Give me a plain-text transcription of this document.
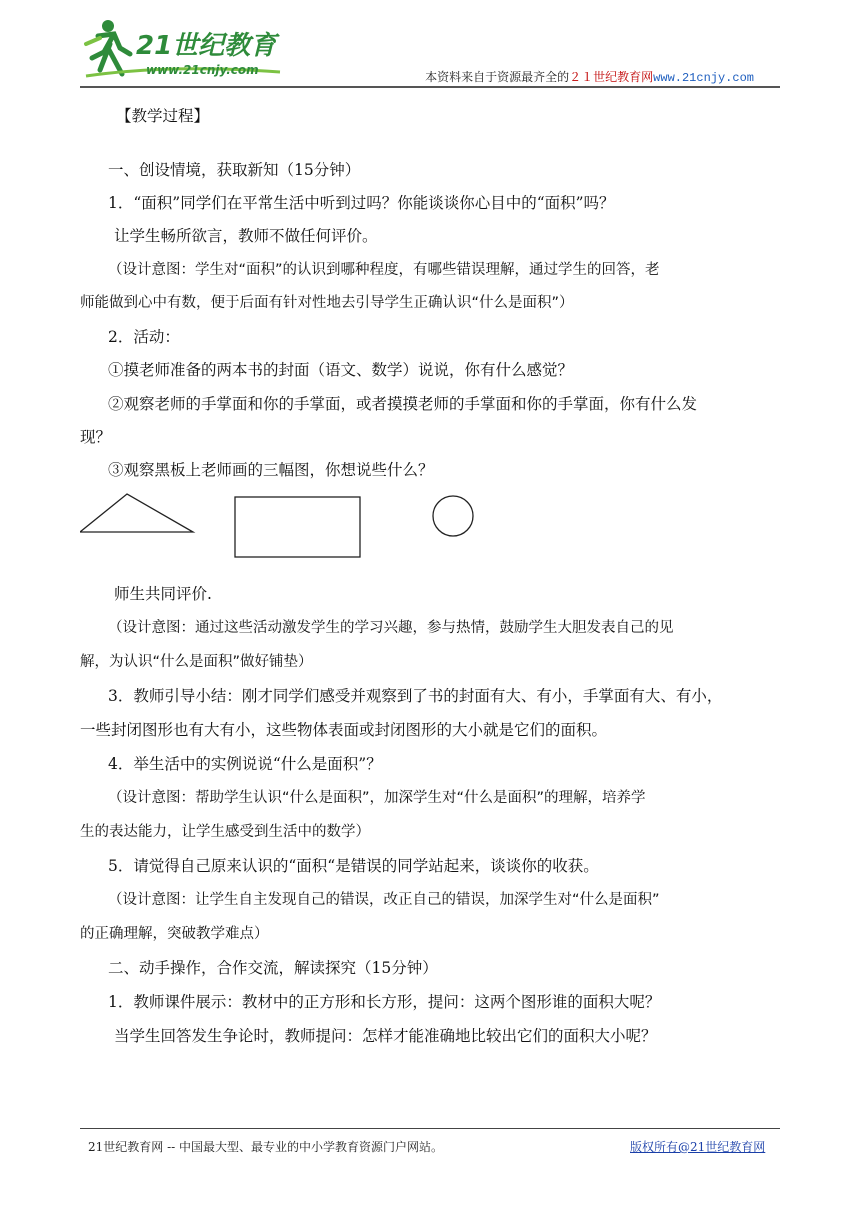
21世纪教育
www.21cnjy.com	本资料来自于资源最齐全的２１世纪教育网www.21cnjy.com
【教学过程】
一、创设情境，获取新知（15分钟）
1．“面积”同学们在平常生活中听到过吗？你能谈谈你心目中的“面积”吗？
让学生畅所欲言，教师不做任何评价。
（设计意图：学生对“面积”的认识到哪种程度，有哪些错误理解，通过学生的回答，老
师能做到心中有数，便于后面有针对性地去引导学生正确认识“什么是面积”）
2．活动：
①摸老师准备的两本书的封面（语文、数学）说说，你有什么感觉？
②观察老师的手掌面和你的手掌面，或者摸摸老师的手掌面和你的手掌面，你有什么发
现？
③观察黑板上老师画的三幅图，你想说些什么？
师生共同评价.
（设计意图：通过这些活动激发学生的学习兴趣，参与热情，鼓励学生大胆发表自己的见
解，为认识“什么是面积”做好铺垫）
3．教师引导小结：刚才同学们感受并观察到了书的封面有大、有小，手掌面有大、有小，
一些封闭图形也有大有小，这些物体表面或封闭图形的大小就是它们的面积。
4．举生活中的实例说说“什么是面积”？
（设计意图：帮助学生认识“什么是面积”，加深学生对“什么是面积”的理解，培养学
生的表达能力，让学生感受到生活中的数学）
5．请觉得自己原来认识的“面积“是错误的同学站起来，谈谈你的收获。
（设计意图：让学生自主发现自己的错误，改正自己的错误，加深学生对“什么是面积”
的正确理解，突破教学难点）
二、动手操作，合作交流，解读探究（15分钟）
1．教师课件展示：教材中的正方形和长方形，提问：这两个图形谁的面积大呢？
当学生回答发生争论时，教师提问：怎样才能准确地比较出它们的面积大小呢？
21世纪教育网 -- 中国最大型、最专业的中小学教育资源门户网站。	版权所有@21世纪教育网
